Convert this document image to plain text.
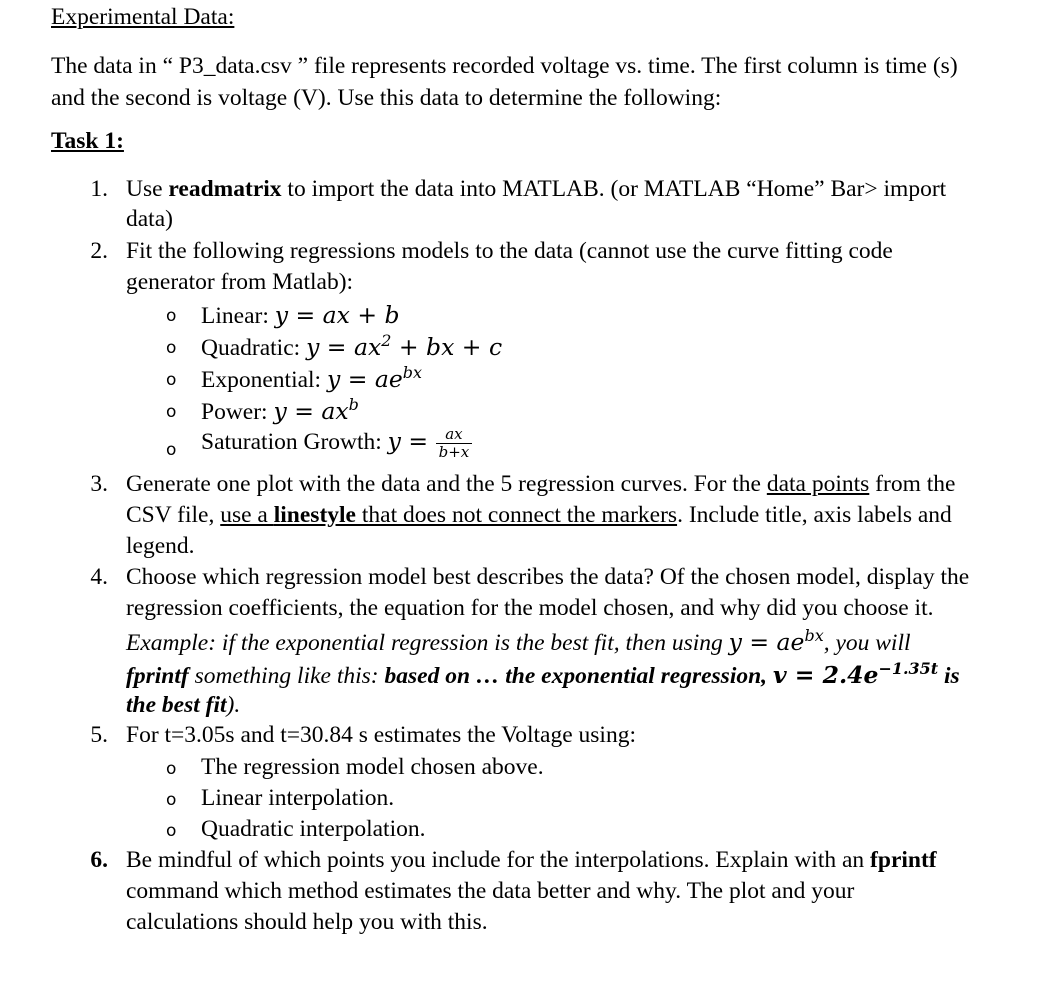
Experimental Data:
The data in “ P3_data.csv ” file represents recorded voltage vs. time. The first column is time (s)
and the second is voltage (V). Use this data to determine the following:
Task 1:
1. Use readmatrix to import the data into MATLAB. (or MATLAB “Home” Bar> import
data)
2. Fit the following regressions models to the data (cannot use the curve fitting code
generator from Matlab):
o Linear: y = ax + b
o Quadratic: $y = ax^2$ + bx + c
o Exponential: $y = ae^{bx}$
o Power: $y = ax^b$
o Saturation Growth: $y = \frac{ax}{b+x}$
3. Generate one plot with the data and the 5 regression curves. For the data points from the
CSV file, use a linestyle that does not connect the markers. Include title, axis labels and
legend.
4. Choose which regression model best describes the data? Of the chosen model, display the
regression coefficients, the equation for the model chosen, and why did you choose it.
Example: if the exponential regression is the best fit, then using $y = ae^{bx}$, you will
fprintf something like this: based on … the exponential regression, $v = 2.4e^{-1.35t}$ is
the best fit).
5. For t=3.05s and t=30.84 s estimates the Voltage using:
o The regression model chosen above.
o Linear interpolation.
o Quadratic interpolation.
6. Be mindful of which points you include for the interpolations. Explain with an fprintf
command which method estimates the data better and why. The plot and your
calculations should help you with this.
